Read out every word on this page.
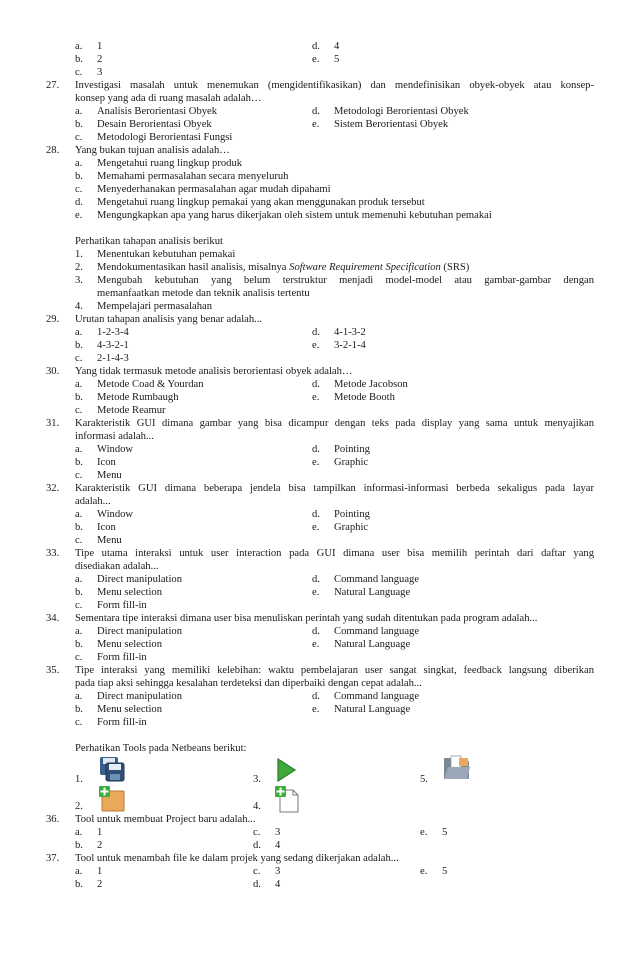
a. 1	d. 4
b. 2	e. 5
c. 3
27. Investigasi masalah untuk menemukan (mengidentifikasikan) dan mendefinisikan obyek-obyek atau konsep-
konsep yang ada di ruang masalah adalah…
a. Analisis Berorientasi Obyek	d. Metodologi Berorientasi Obyek
b. Desain Berorientasi Obyek	e. Sistem Berorientasi Obyek
c. Metodologi Berorientasi Fungsi
28. Yang bukan tujuan analisis adalah…
a. Mengetahui ruang lingkup produk
b. Memahami permasalahan secara menyeluruh
c. Menyederhanakan permasalahan agar mudah dipahami
d. Mengetahui ruang lingkup pemakai yang akan menggunakan produk tersebut
e. Mengungkapkan apa yang harus dikerjakan oleh sistem untuk memenuhi kebutuhan pemakai
Perhatikan tahapan analisis berikut
1. Menentukan kebutuhan pemakai
2. Mendokumentasikan hasil analisis, misalnya Software Requirement Specification (SRS)
3.	Mengubah kebutuhan yang belum terstruktur menjadi model-model atau gambar-gambar dengan
memanfaatkan metode dan teknik analisis tertentu
4. Mempelajari permasalahan
29. Urutan tahapan analisis yang benar adalah...
a. 1-2-3-4	d. 4-1-3-2
b. 4-3-2-1	e. 3-2-1-4
c. 2-1-4-3
30. Yang tidak termasuk metode analisis berorientasi obyek adalah…
a. Metode Coad & Yourdan	d. Metode Jacobson
b. Metode Rumbaugh	e. Metode Booth
c. Metode Reamur
31. Karakteristik GUI dimana gambar yang bisa dicampur dengan teks pada display yang sama untuk menyajikan
informasi adalah...
a. Window	d. Pointing
b. Icon	e. Graphic
c. Menu
32. Karakteristik GUI dimana beberapa jendela bisa tampilkan informasi-informasi berbeda sekaligus pada layar
adalah...
a. Window	d. Pointing
b. Icon	e. Graphic
c. Menu
33. Tipe utama interaksi untuk user interaction pada GUI dimana user bisa memilih perintah dari daftar yang
disediakan adalah...
a. Direct manipulation	d. Command language
b. Menu selection	e. Natural Language
c. Form fill-in
34. Sementara tipe interaksi dimana user bisa menuliskan perintah yang sudah ditentukan pada program adalah...
a. Direct manipulation	d. Command language
b. Menu selection	e. Natural Language
c. Form fill-in
35. Tipe interaksi yang memiliki kelebihan: waktu pembelajaran user sangat singkat, feedback langsung diberikan
pada tiap aksi sehingga kesalahan terdeteksi dan diperbaiki dengan cepat adalah...
a. Direct manipulation	d. Command language
b. Menu selection	e. Natural Language
c. Form fill-in
Perhatikan Tools pada Netbeans berikut:
1.	3.	5.
2.	4.
36. Tool untuk membuat Project baru adalah...
a. 1	c. 3	e. 5
b. 2	d. 4
37. Tool untuk menambah file ke dalam projek yang sedang dikerjakan adalah...
a. 1	c. 3	e. 5
b. 2	d. 4
